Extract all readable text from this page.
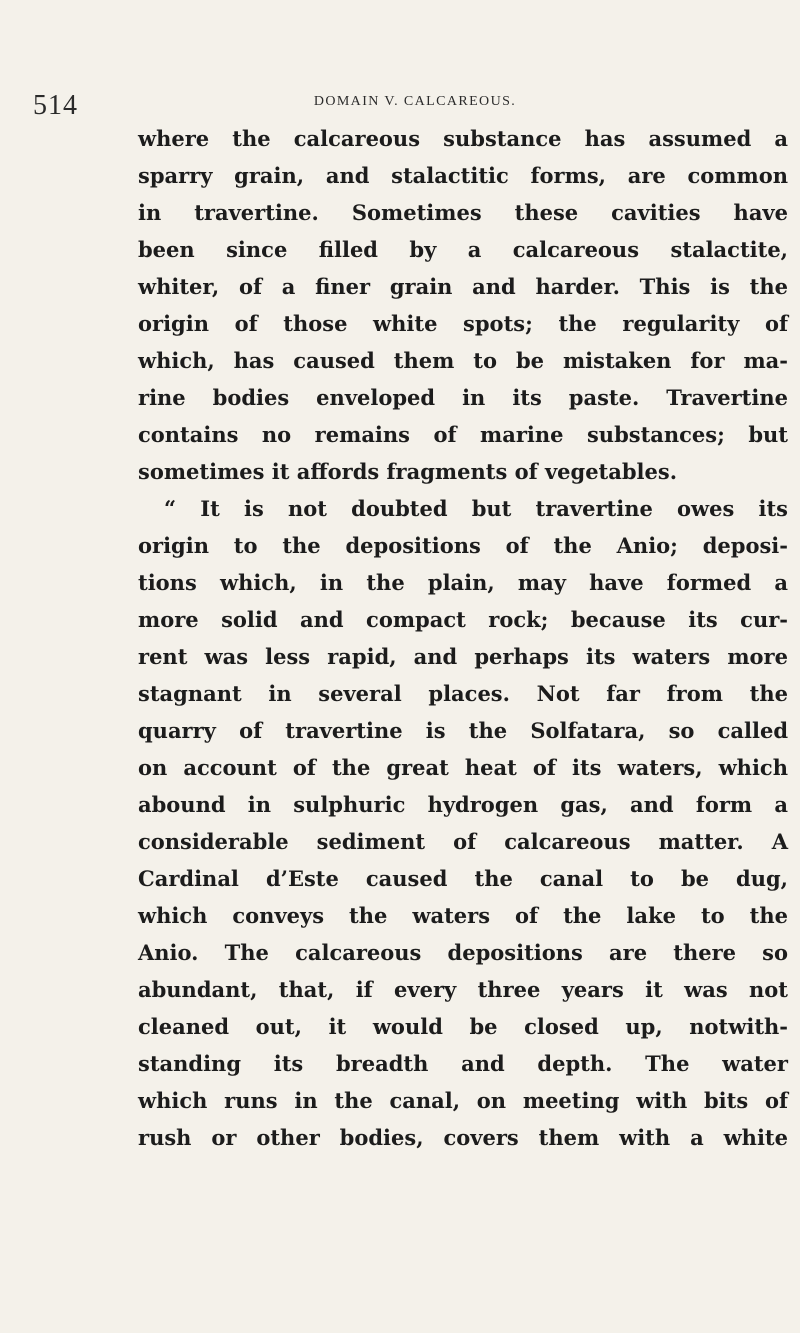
514	DOMAIN V. CALCAREOUS.
where the calcareous substance has assumed a
sparry grain, and stalactitic forms, are common
in travertine. Sometimes these cavities have
been since filled by a calcareous stalactite,
whiter, of a finer grain and harder. This is the
origin of those white spots; the regularity of
which, has caused them to be mistaken for ma-
rine bodies enveloped in its paste. Travertine
contains no remains of marine substances; but
sometimes it affords fragments of vegetables.
“ It is not doubted but travertine owes its
origin to the depositions of the Anio; deposi-
tions which, in the plain, may have formed a
more solid and compact rock; because its cur-
rent was less rapid, and perhaps its waters more
stagnant in several places. Not far from the
quarry of travertine is the Solfatara, so called
on account of the great heat of its waters, which
abound in sulphuric hydrogen gas, and form a
considerable sediment of calcareous matter. A
Cardinal d’Este caused the canal to be dug,
which conveys the waters of the lake to the
Anio. The calcareous depositions are there so
abundant, that, if every three years it was not
cleaned out, it would be closed up, notwith-
standing its breadth and depth. The water
which runs in the canal, on meeting with bits of
rush or other bodies, covers them with a white
